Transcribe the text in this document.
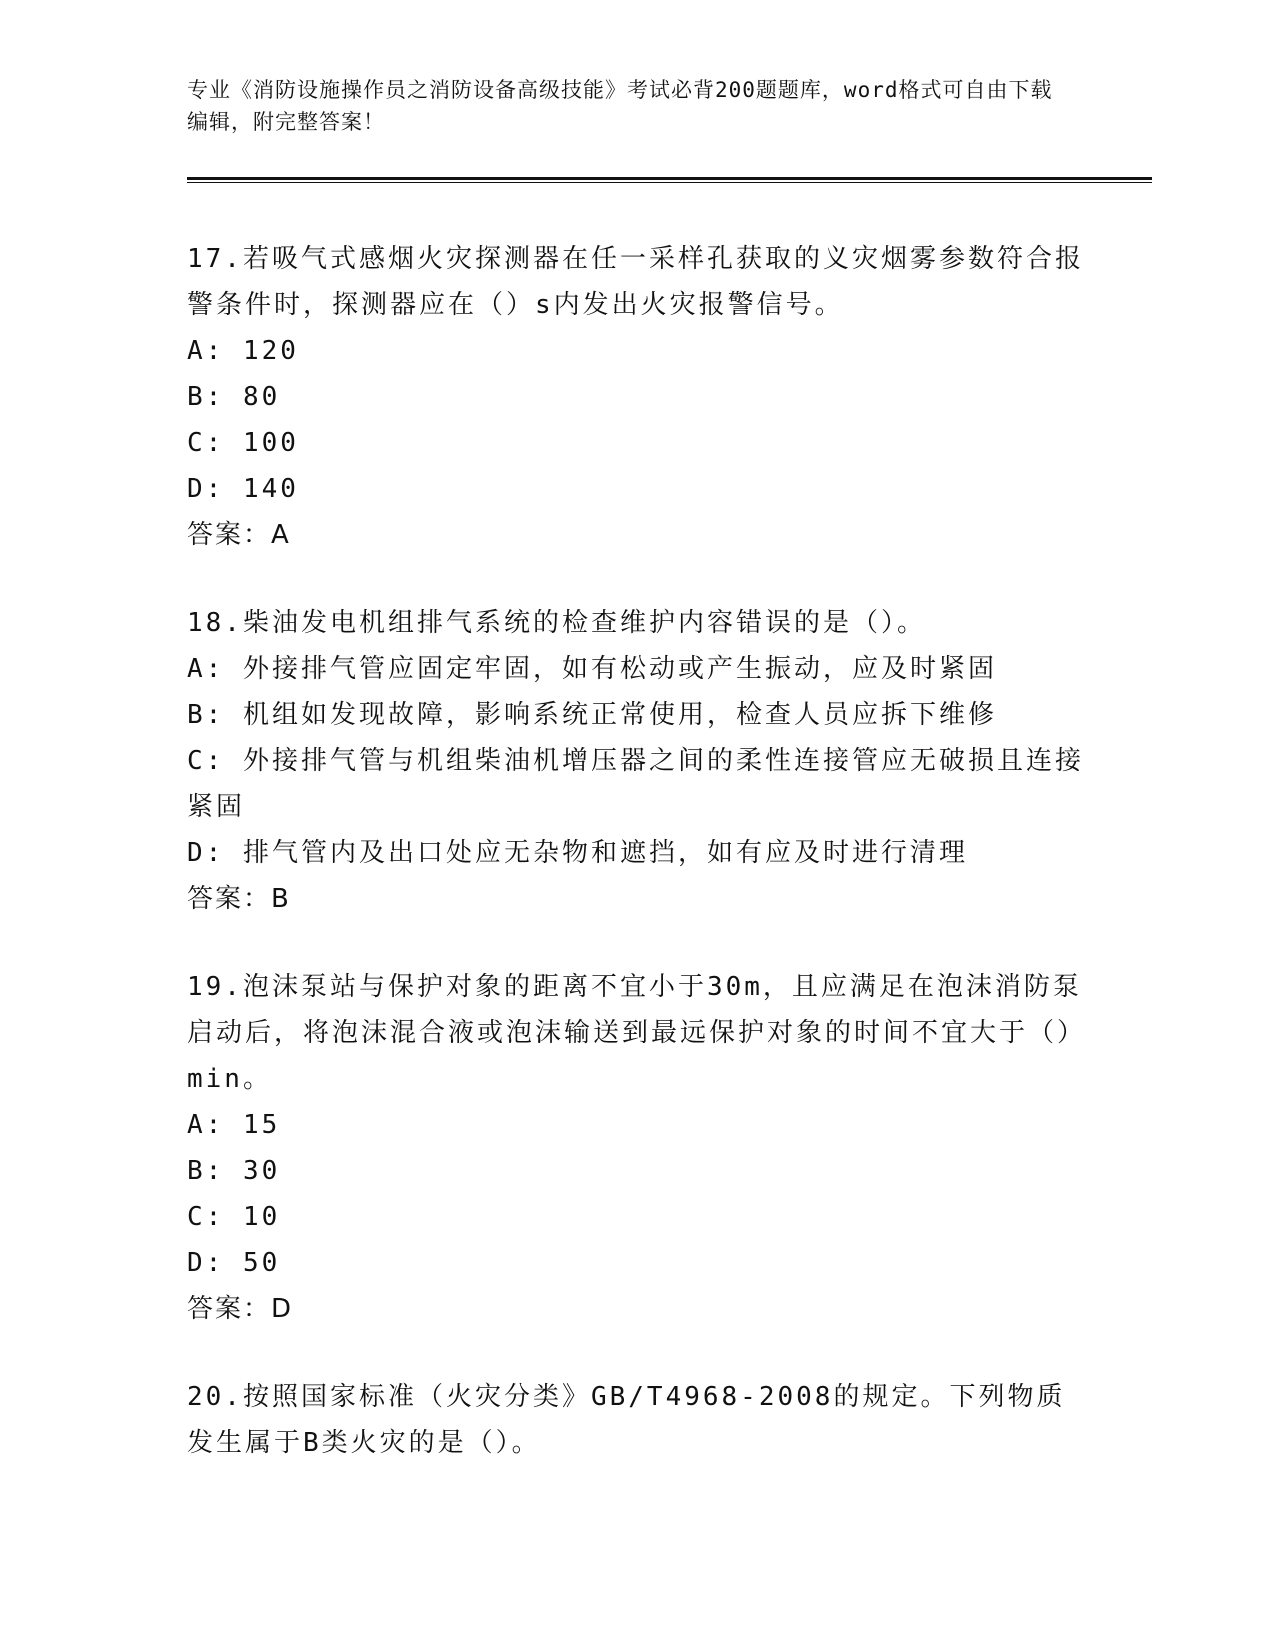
专业《消防设施操作员之消防设备高级技能》考试必背200题题库，word格式可自由下载编辑，附完整答案！
17.若吸气式感烟火灾探测器在任一采样孔获取的义灾烟雾参数符合报警条件时，探测器应在（）s内发出火灾报警信号。
A: 120
B: 80
C: 100
D: 140
答案：A
18.柴油发电机组排气系统的检查维护内容错误的是（）。
A: 外接排气管应固定牢固，如有松动或产生振动，应及时紧固
B: 机组如发现故障，影响系统正常使用，检查人员应拆下维修
C: 外接排气管与机组柴油机增压器之间的柔性连接管应无破损且连接紧固
D: 排气管内及出口处应无杂物和遮挡，如有应及时进行清理
答案：B
19.泡沫泵站与保护对象的距离不宜小于30m，且应满足在泡沫消防泵启动后，将泡沫混合液或泡沫输送到最远保护对象的时间不宜大于（）min。
A: 15
B: 30
C: 10
D: 50
答案：D
20.按照国家标准（火灾分类》GB/T4968-2008的规定。下列物质发生属于B类火灾的是（）。
